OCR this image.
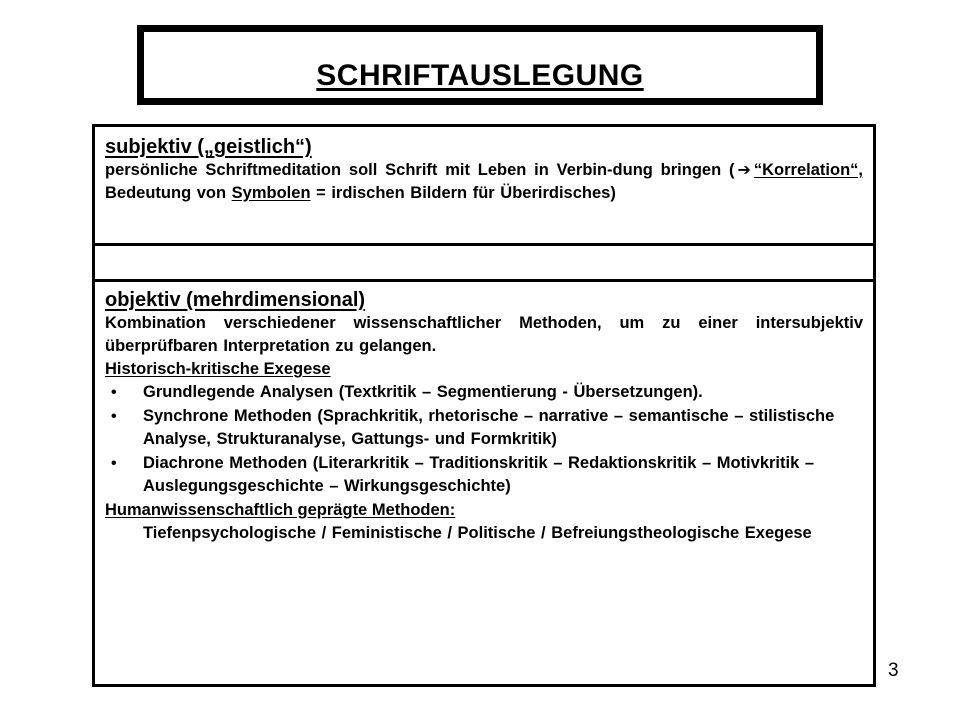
SCHRIFTAUSLEGUNG
subjektiv („geistlich“)
persönliche Schriftmeditation soll Schrift mit Leben in Verbin-dung bringen ( ➔ “Korrelation“, Bedeutung von Symbolen = irdischen Bildern für Überirdisches)
objektiv (mehrdimensional)
Kombination verschiedener wissenschaftlicher Methoden, um zu einer intersubjektiv überprüfbaren Interpretation zu gelangen.
Historisch-kritische Exegese
• Grundlegende Analysen (Textkritik – Segmentierung - Übersetzungen).
• Synchrone Methoden (Sprachkritik, rhetorische – narrative – semantische – stilistische Analyse, Strukturanalyse, Gattungs- und Formkritik)
• Diachrone Methoden (Literarkritik – Traditionskritik – Redaktionskritik – Motivkritik – Auslegungsgeschichte – Wirkungsgeschichte)
Humanwissenschaftlich geprägte Methoden:
Tiefenpsychologische / Feministische / Politische / Befreiungstheologische Exegese
3
